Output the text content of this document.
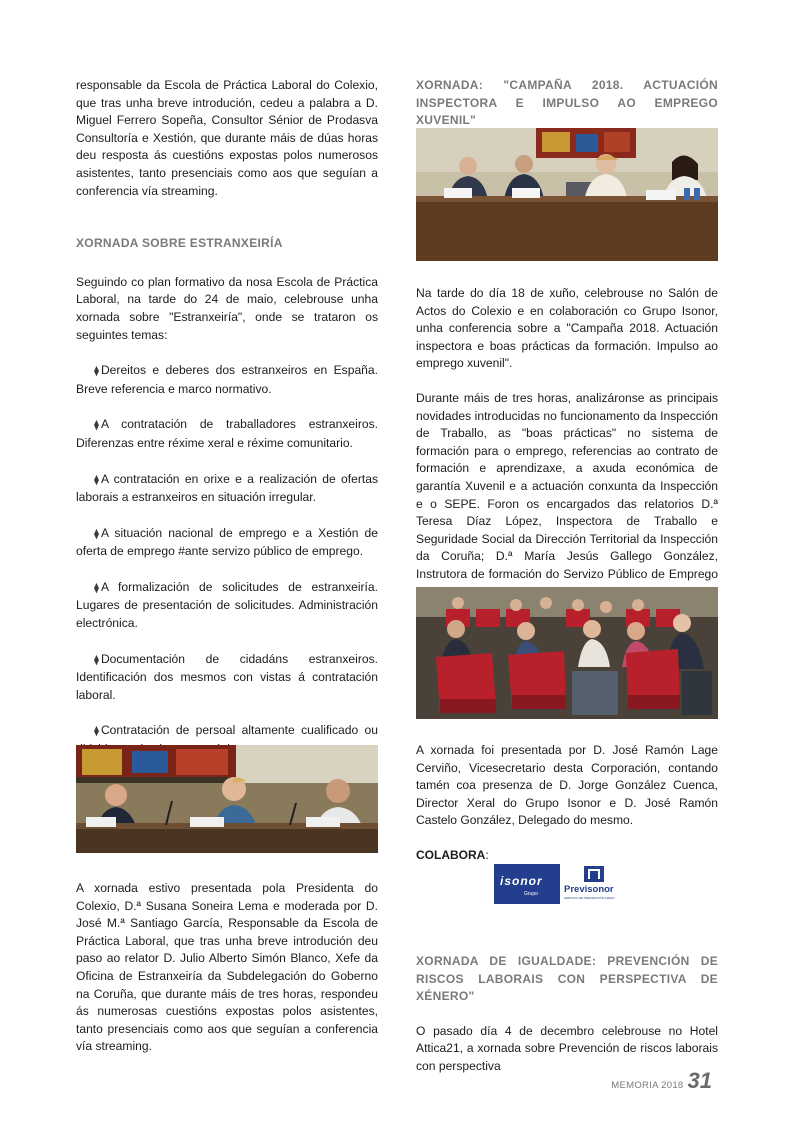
responsable da Escola de Práctica Laboral do Colexio, que tras unha breve introdución, cedeu a palabra a D. Miguel Ferrero Sopeña, Consultor Sénior de Prodasva Consultoría e Xestión, que durante máis de dúas horas deu resposta ás cuestións expostas polos numerosos asistentes, tanto presenciais como aos que seguían a conferencia vía streaming.

XORNADA SOBRE ESTRANXEIRÍA

Seguindo co plan formativo da nosa Escola de Práctica Laboral, na tarde do 24 de maio, celebrouse unha xornada sobre "Estranxeiría", onde se trataron os seguintes temas:

⧫ Dereitos e deberes dos estranxeiros en España. Breve referencia e marco normativo.

⧫ A contratación de traballadores estranxeiros. Diferenzas entre réxime xeral e réxime comunitario.

⧫ A contratación en orixe e a realización de ofertas laborais a estranxeiros en situación irregular.

⧫ A situación nacional de emprego e a Xestión de oferta de emprego #ante servizo público de emprego.

⧫ A formalización de solicitudes de estranxeiría. Lugares de presentación de solicitudes. Administración electrónica.

⧫ Documentación de cidadáns estranxeiros. Identificación dos mesmos con vistas á contratación laboral.

⧫ Contratación de persoal altamente cualificado ou

A xornada estivo presentada pola Presidenta do Colexio, D.ª Susana Soneira Lema e moderada por D. José M.ª Santiago García, Responsable da Escola de Práctica Laboral, que tras unha breve introdución deu paso ao relator D. Julio Alberto Simón Blanco, Xefe da Oficina de Estranxeiría da Subdelegación do Goberno na Coruña, que durante máis de tres horas, respondeu ás numerosas cuestións expostas polos asistentes, tanto presenciais como aos que seguían a conferencia vía streaming.

XORNADA: "CAMPAÑA 2018. ACTUACIÓN INSPECTORA E IMPULSO AO EMPREGO XUVENIL"

Na tarde do día 18 de xuño, celebrouse no Salón de Actos do Colexio e en colaboración co Grupo Isonor, unha conferencia sobre a "Campaña 2018. Actuación inspectora e boas prácticas da formación. Impulso ao emprego xuvenil".

Durante máis de tres horas, analizáronse as principais novidades introducidas no funcionamento da Inspección de Traballo, as "boas prácticas" no sistema de formación para o emprego, referencias ao contrato de formación e aprendizaxe, a axuda económica de garantía Xuvenil e a actuación conxunta da Inspección e o SEPE. Foron os encargados das relatorios D.ª Teresa Díaz López, Inspectora de Traballo e Seguridade Social da Dirección Territorial da Inspección da Coruña; D.ª María Jesús Gallego González, Instrutora de formación do Servizo Público de Emprego

A xornada foi presentada por D. José Ramón Lage Cerviño, Vicesecretario desta Corporación, contando tamén coa presenza de D. Jorge González Cuenca, Director Xeral do Grupo Isonor e D. José Ramón Castelo González, Delegado do mesmo.

COLABORA:

isonor
Grupo	Previsonor
SERVICIO DE PREVENCIÓN AJENO

XORNADA DE IGUALDADE: PREVENCIÓN DE RISCOS LABORAIS CON PERSPECTIVA DE XÉNERO"

O pasado día 4 de decembro celebrouse no Hotel Attica21, a xornada sobre Prevención de riscos laborais con perspectiva

MEMORIA 2018 31
